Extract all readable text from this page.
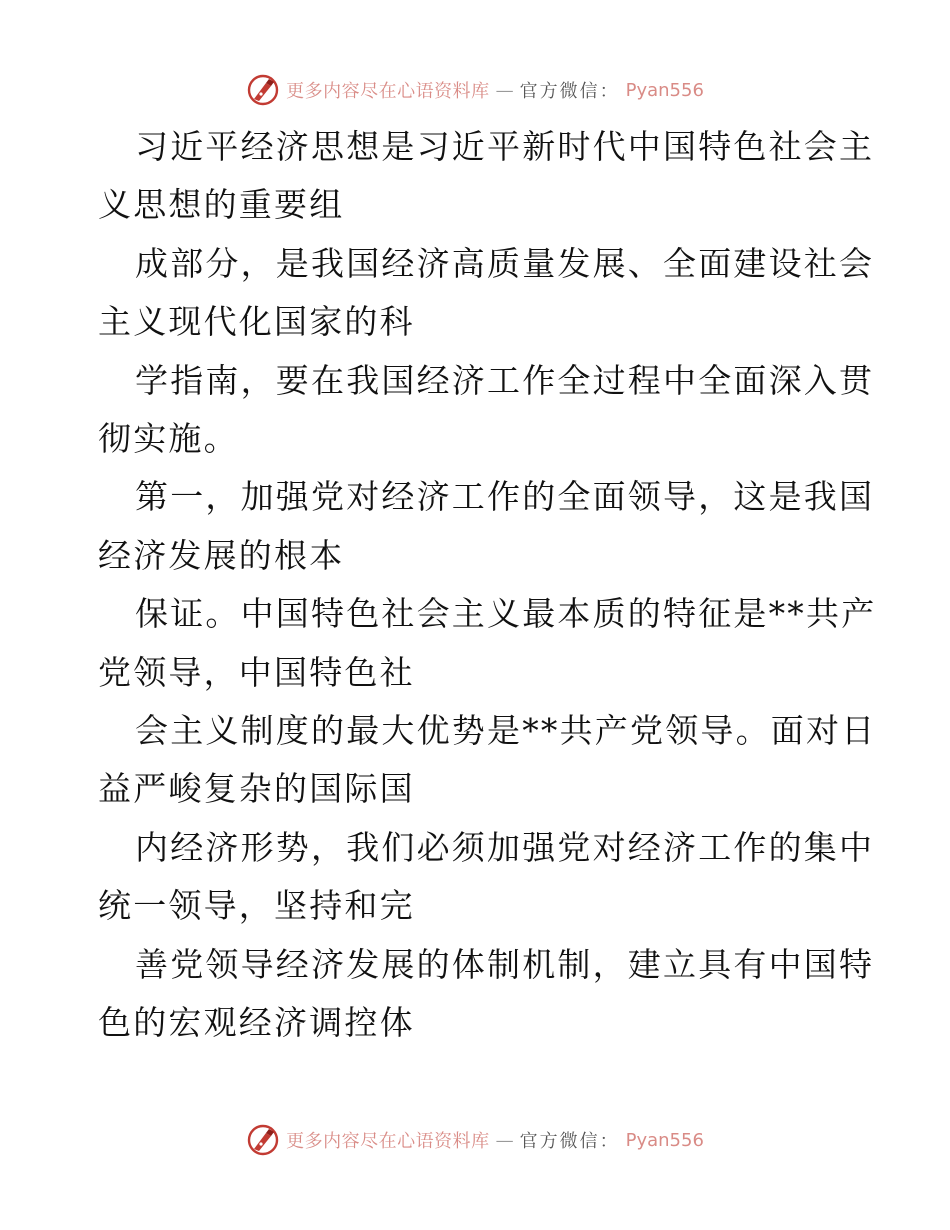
更多内容尽在心语资料库 — 官方微信： Pyan556

习近平经济思想是习近平新时代中国特色社会主
义思想的重要组

成部分，是我国经济高质量发展、全面建设社会
主义现代化国家的科

学指南，要在我国经济工作全过程中全面深入贯
彻实施。

第一，加强党对经济工作的全面领导，这是我国
经济发展的根本

保证。中国特色社会主义最本质的特征是**共产
党领导，中国特色社

会主义制度的最大优势是**共产党领导。面对日
益严峻复杂的国际国

内经济形势，我们必须加强党对经济工作的集中
统一领导，坚持和完

善党领导经济发展的体制机制，建立具有中国特
色的宏观经济调控体

更多内容尽在心语资料库 — 官方微信： Pyan556
